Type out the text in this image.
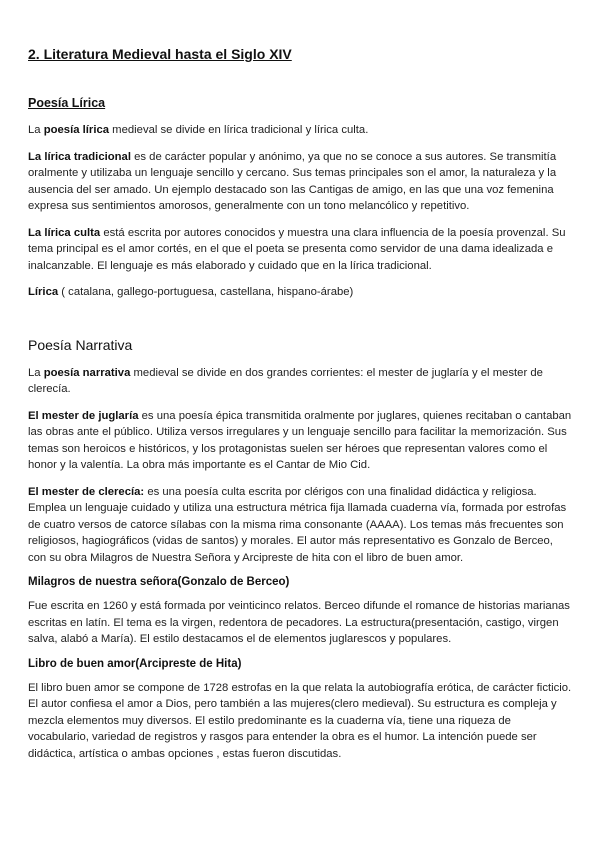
2. Literatura Medieval hasta el Siglo XIV
Poesía Lírica

La poesía lírica medieval se divide en lírica tradicional y lírica culta.

La lírica tradicional es de carácter popular y anónimo, ya que no se conoce a sus autores. Se transmitía oralmente y utilizaba un lenguaje sencillo y cercano. Sus temas principales son el amor, la naturaleza y la ausencia del ser amado. Un ejemplo destacado son las Cantigas de amigo, en las que una voz femenina expresa sus sentimientos amorosos, generalmente con un tono melancólico y repetitivo.

La lírica culta está escrita por autores conocidos y muestra una clara influencia de la poesía provenzal. Su tema principal es el amor cortés, en el que el poeta se presenta como servidor de una dama idealizada e inalcanzable. El lenguaje es más elaborado y cuidado que en la lírica tradicional.

Lírica ( catalana, gallego-portuguesa, castellana, hispano-árabe)

Poesía Narrativa

La poesía narrativa medieval se divide en dos grandes corrientes: el mester de juglaría y el mester de clerecía.

El mester de juglaría es una poesía épica transmitida oralmente por juglares, quienes recitaban o cantaban las obras ante el público. Utiliza versos irregulares y un lenguaje sencillo para facilitar la memorización. Sus temas son heroicos e históricos, y los protagonistas suelen ser héroes que representan valores como el honor y la valentía. La obra más importante es el Cantar de Mio Cid.

El mester de clerecía: es una poesía culta escrita por clérigos con una finalidad didáctica y religiosa. Emplea un lenguaje cuidado y utiliza una estructura métrica fija llamada cuaderna vía, formada por estrofas de cuatro versos de catorce sílabas con la misma rima consonante (AAAA). Los temas más frecuentes son religiosos, hagiográficos (vidas de santos) y morales. El autor más representativo es Gonzalo de Berceo, con su obra Milagros de Nuestra Señora y Arcipreste de hita con el libro de buen amor.

Milagros de nuestra señora(Gonzalo de Berceo)

Fue escrita en 1260 y está formada por veinticinco relatos. Berceo difunde el romance de historias marianas escritas en latín. El tema es la virgen, redentora de pecadores. La estructura(presentación, castigo, virgen salva, alabó a María). El estilo destacamos el de elementos juglarescos y populares.

Libro de buen amor(Arcipreste de Hita)

El libro buen amor se compone de 1728 estrofas en la que relata la autobiografía erótica, de carácter ficticio. El autor confiesa el amor a Dios, pero también a las mujeres(clero medieval). Su estructura es compleja y mezcla elementos muy diversos. El estilo predominante es la cuaderna vía, tiene una riqueza de vocabulario, variedad de registros y rasgos para entender la obra es el humor. La intención puede ser didáctica, artística o ambas opciones , estas fueron discutidas.
